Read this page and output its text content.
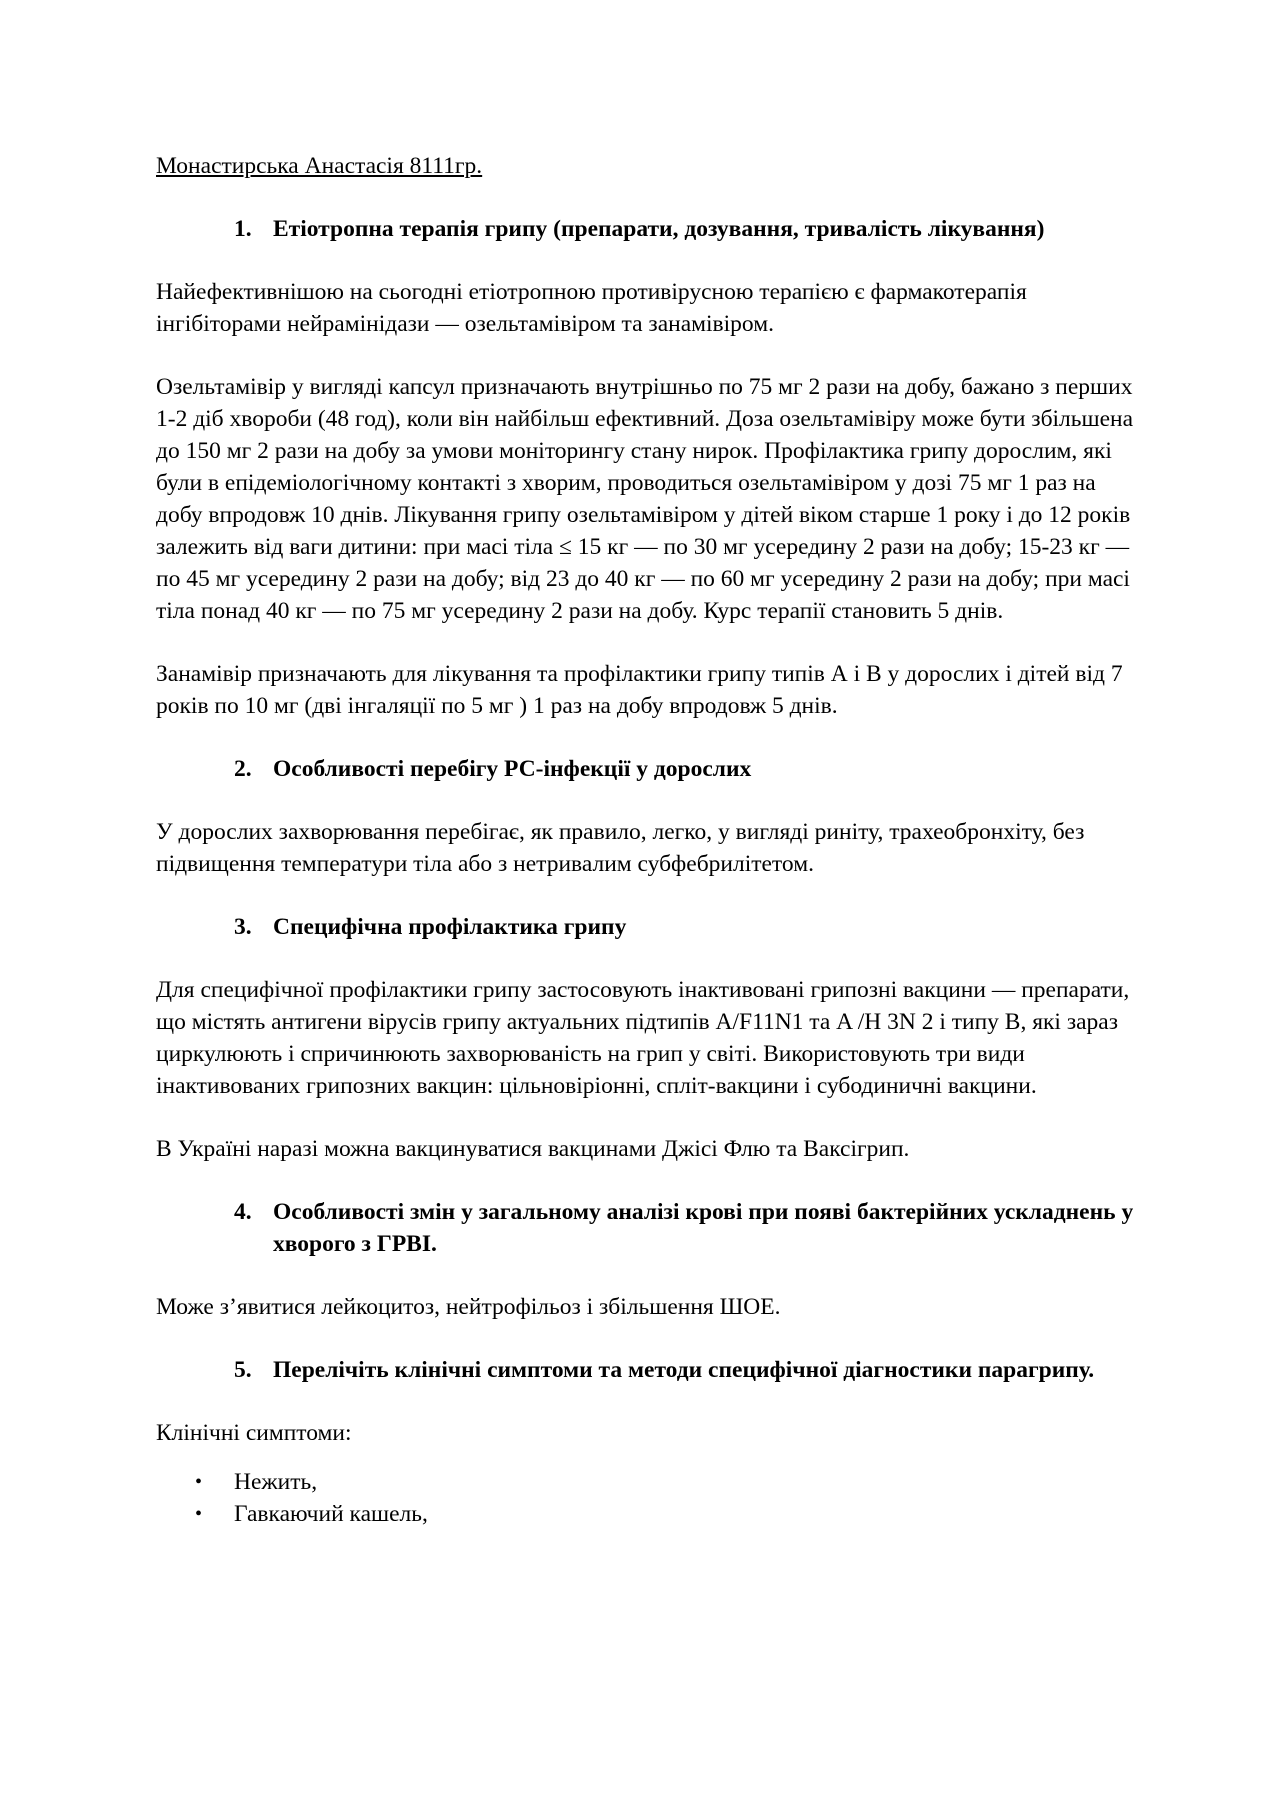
Монастирська Анастасія 8111гр.
1. Етіотропна терапія грипу (препарати, дозування, тривалість лікування)

Найефективнішою на сьогодні етіотропною противірусною терапією є фармакотерапія інгібіторами нейрамінідази — озельтамівіром та занамівіром.

Озельтамівір у вигляді капсул призначають внутрішньо по 75 мг 2 рази на добу, бажано з перших 1-2 діб хвороби (48 год), коли він найбільш ефективний. Доза озельтамівіру може бути збільшена до 150 мг 2 рази на добу за умови моніторингу стану нирок. Профілактика грипу дорослим, які були в епідеміологічному контакті з хворим, проводиться озельтамівіром у дозі 75 мг 1 раз на добу впродовж 10 днів. Лікування грипу озельтамівіром у дітей віком старше 1 року і до 12 років залежить від ваги дитини: при масі тіла ≤ 15 кг — по 30 мг усередину 2 рази на добу; 15-23 кг — по 45 мг усередину 2 рази на добу; від 23 до 40 кг — по 60 мг усередину 2 рази на добу; при масі тіла понад 40 кг — по 75 мг усередину 2 рази на добу. Курс терапії становить 5 днів.

Занамівір призначають для лікування та профілактики грипу типів А і В у дорослих і дітей від 7 років по 10 мг (дві інгаляції по 5 мг ) 1 раз на добу впродовж 5 днів.

2. Особливості перебігу РС-інфекції у дорослих

У дорослих захворювання перебігає, як правило, легко, у вигляді риніту, трахеобронхіту, без підвищення температури тіла або з нетривалим субфебрилітетом.

3. Специфічна профілактика грипу

Для специфічної профілактики грипу застосовують інактивовані грипозні вакцини — препарати, що містять антигени вірусів грипу актуальних підтипів A/F11N1 та A /H 3N 2 і типу B, які зараз циркулюють і спричинюють захворюваність на грип у світі. Використовують три види інактивованих грипозних вакцин: цільновіріонні, спліт-вакцини і субодиничні вакцини.

В Україні наразі можна вакцинуватися вакцинами Джісі Флю та Ваксігрип.

4. Особливості змін у загальному аналізі крові при появі бактерійних ускладнень у хворого з ГРВІ.

Може з’явитися лейкоцитоз, нейтрофільоз і збільшення ШОЕ.

5. Перелічіть клінічні симптоми та методи специфічної діагностики парагрипу.

Клінічні симптоми:

• Нежить,
• Гавкаючий кашель,
